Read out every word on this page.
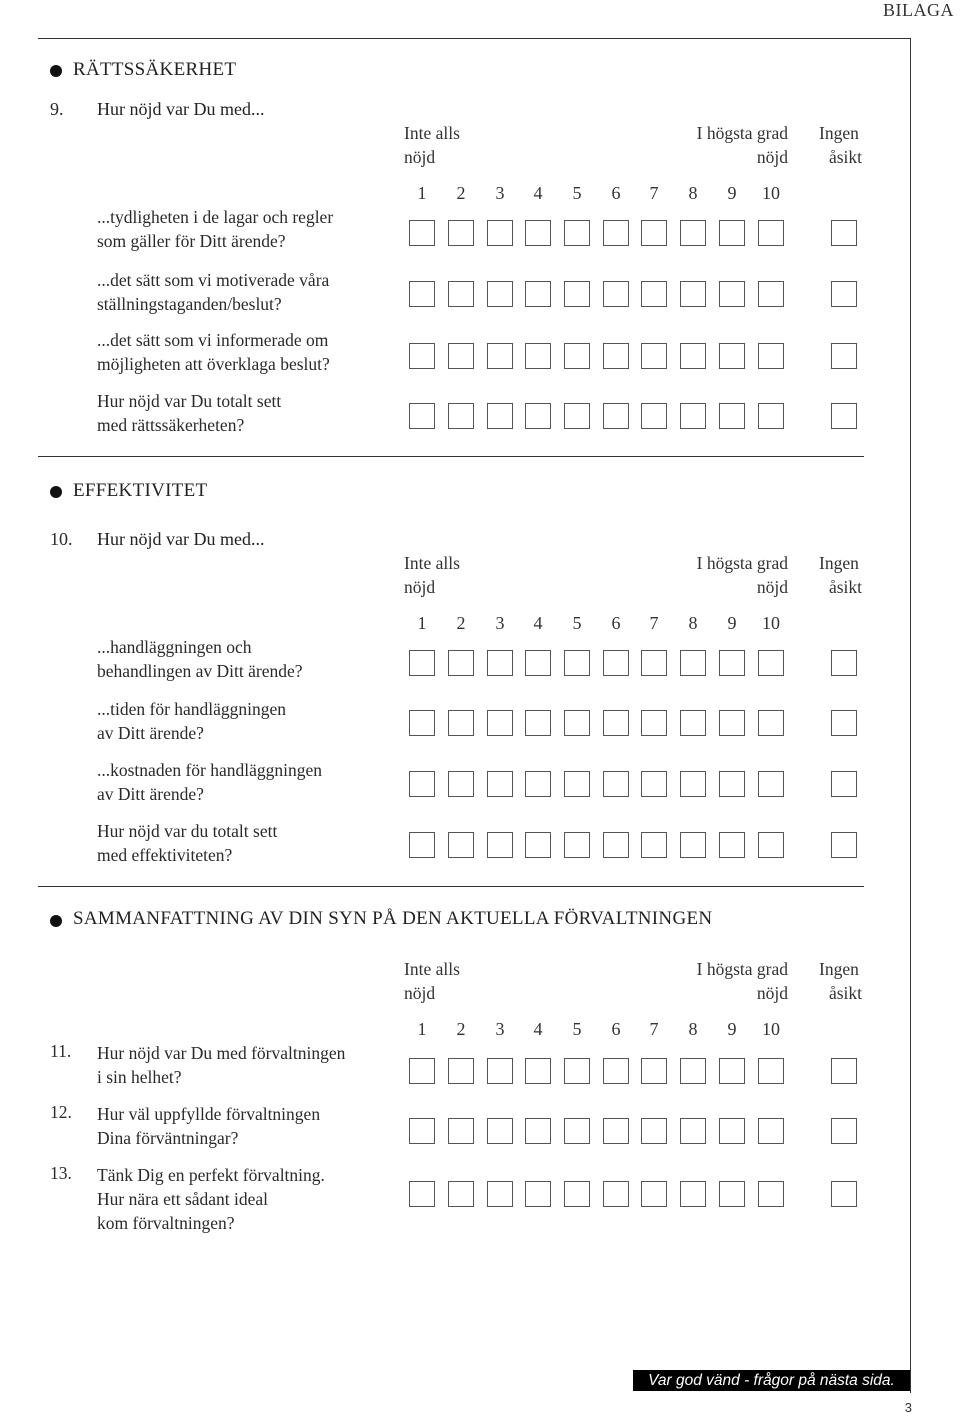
BILAGA
RÄTTSSÄKERHET
9. Hur nöjd var Du med...
Inte alls
nöjd
I högsta grad
nöjd
Ingen
åsikt
1	2	3	4	5	6	7	8	9	10
...tydligheten i de lagar och regler
som gäller för Ditt ärende?
...det sätt som vi motiverade våra
ställningstaganden/beslut?
...det sätt som vi informerade om
möjligheten att överklaga beslut?
Hur nöjd var Du totalt sett
med rättssäkerheten?
EFFEKTIVITET
10. Hur nöjd var Du med...
Inte alls
nöjd
I högsta grad
nöjd
Ingen
åsikt
1	2	3	4	5	6	7	8	9	10
...handläggningen och
behandlingen av Ditt ärende?
...tiden för handläggningen
av Ditt ärende?
...kostnaden för handläggningen
av Ditt ärende?
Hur nöjd var du totalt sett
med effektiviteten?
SAMMANFATTNING AV DIN SYN PÅ DEN AKTUELLA FÖRVALTNINGEN
Inte alls
nöjd
I högsta grad
nöjd
Ingen
åsikt
1	2	3	4	5	6	7	8	9	10
11. Hur nöjd var Du med förvaltningen
i sin helhet?
12. Hur väl uppfyllde förvaltningen
Dina förväntningar?
13. Tänk Dig en perfekt förvaltning.
Hur nära ett sådant ideal
kom förvaltningen?
Var god vänd - frågor på nästa sida.
3
